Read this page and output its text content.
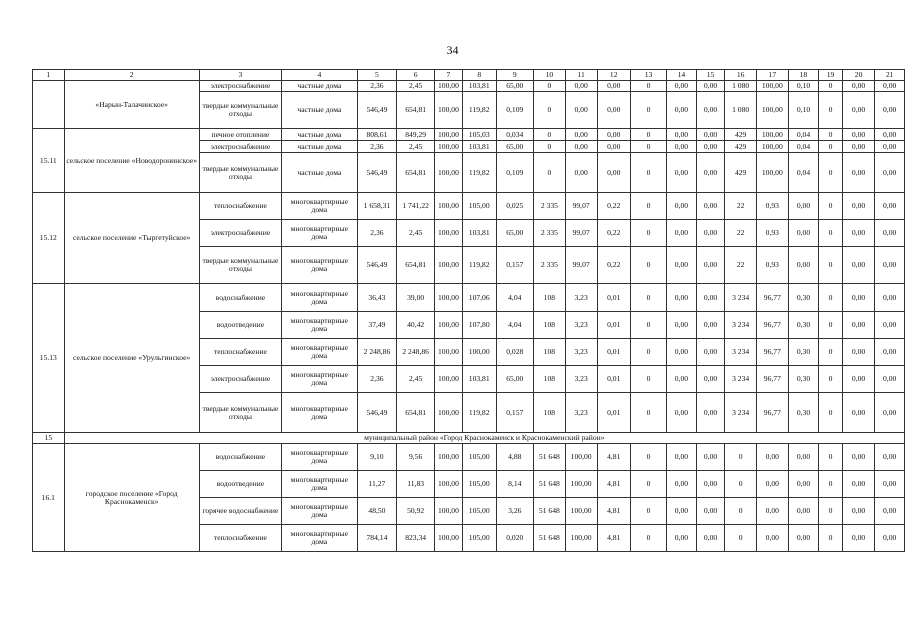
34
1	2	3	4	5	6	7	8	9	10	11	12	13	14	15	16	17	18	19	20	21
	«Нарын-Талачинское»	электроснабжение	частные дома	2,36	2,45	100,00	103,81	65,00	0	0,00	0,00	0	0,00	0,00	1 080	100,00	0,10	0	0,00	0,00
		твердые коммунальные отходы	частные дома	546,49	654,81	100,00	119,82	0,109	0	0,00	0,00	0	0,00	0,00	1 080	100,00	0,10	0	0,00	0,00
15.11	сельское поселение «Новодоронинское»	печное отопление	частные дома	808,61	849,29	100,00	105,03	0,034	0	0,00	0,00	0	0,00	0,00	429	100,00	0,04	0	0,00	0,00
		электроснабжение	частные дома	2,36	2,45	100,00	103,81	65,00	0	0,00	0,00	0	0,00	0,00	429	100,00	0,04	0	0,00	0,00
		твердые коммунальные отходы	частные дома	546,49	654,81	100,00	119,82	0,109	0	0,00	0,00	0	0,00	0,00	429	100,00	0,04	0	0,00	0,00
15.12	сельское поселение «Тыргетуйское»	теплоснабжение	многоквартирные дома	1 658,31	1 741,22	100,00	105,00	0,025	2 335	99,07	0,22	0	0,00	0,00	22	0,93	0,00	0	0,00	0,00
		электроснабжение	многоквартирные дома	2,36	2,45	100,00	103,81	65,00	2 335	99,07	0,22	0	0,00	0,00	22	0,93	0,00	0	0,00	0,00
		твердые коммунальные отходы	многоквартирные дома	546,49	654,81	100,00	119,82	0,157	2 335	99,07	0,22	0	0,00	0,00	22	0,93	0,00	0	0,00	0,00
15.13	сельское поселение «Урульгинское»	водоснабжение	многоквартирные дома	36,43	39,00	100,00	107,06	4,04	108	3,23	0,01	0	0,00	0,00	3 234	96,77	0,30	0	0,00	0,00
		водоотведение	многоквартирные дома	37,49	40,42	100,00	107,80	4,04	108	3,23	0,01	0	0,00	0,00	3 234	96,77	0,30	0	0,00	0,00
		теплоснабжение	многоквартирные дома	2 248,86	2 248,86	100,00	100,00	0,028	108	3,23	0,01	0	0,00	0,00	3 234	96,77	0,30	0	0,00	0,00
		электроснабжение	многоквартирные дома	2,36	2,45	100,00	103,81	65,00	108	3,23	0,01	0	0,00	0,00	3 234	96,77	0,30	0	0,00	0,00
		твердые коммунальные отходы	многоквартирные дома	546,49	654,81	100,00	119,82	0,157	108	3,23	0,01	0	0,00	0,00	3 234	96,77	0,30	0	0,00	0,00
15	муниципальный район «Город Краснокаменск и Краснокаменский район»																			
16.1	городское поселение «Город Краснокаменск»	водоснабжение	многоквартирные дома	9,10	9,56	100,00	105,00	4,88	51 648	100,00	4,81	0	0,00	0,00	0	0,00	0,00	0	0,00	0,00
		водоотведение	многоквартирные дома	11,27	11,83	100,00	105,00	8,14	51 648	100,00	4,81	0	0,00	0,00	0	0,00	0,00	0	0,00	0,00
		горячее водоснабжение	многоквартирные дома	48,50	50,92	100,00	105,00	3,26	51 648	100,00	4,81	0	0,00	0,00	0	0,00	0,00	0	0,00	0,00
		теплоснабжение	многоквартирные дома	784,14	823,34	100,00	105,00	0,020	51 648	100,00	4,81	0	0,00	0,00	0	0,00	0,00	0	0,00	0,00
